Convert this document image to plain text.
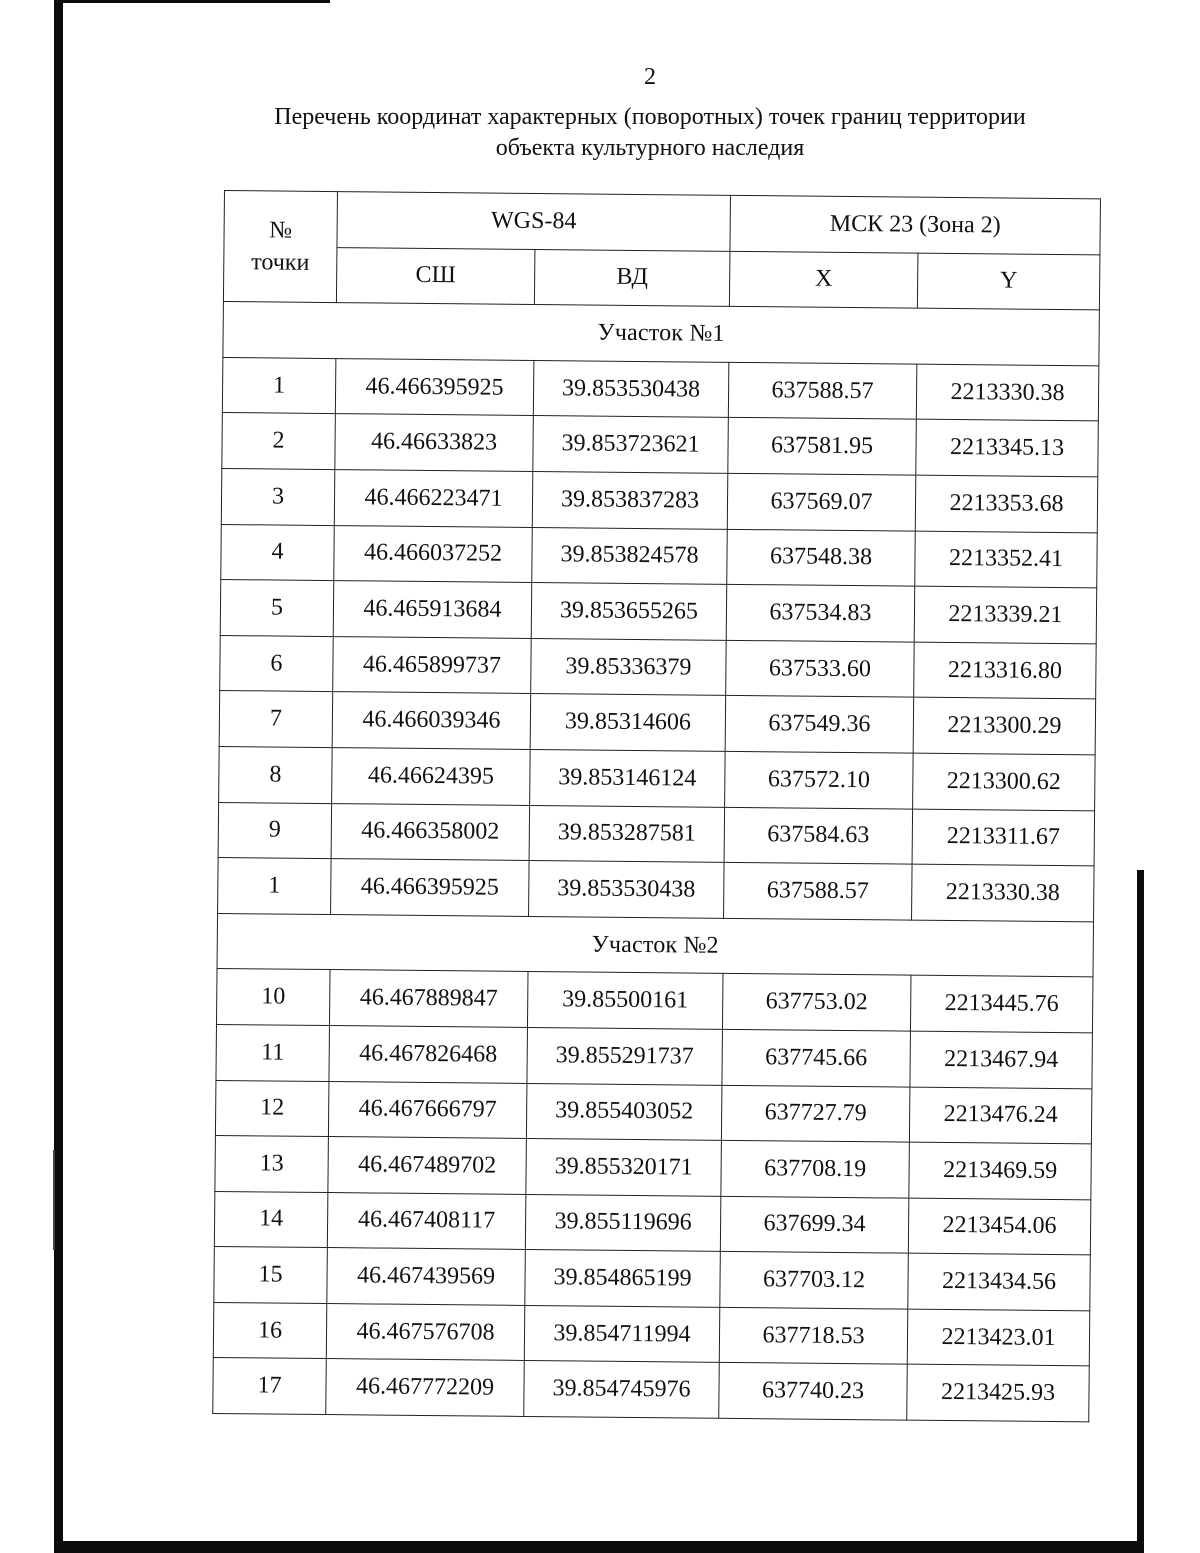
2
Перечень координат характерных (поворотных) точек границ территории
объекта культурного наследия
№
точки	WGS-84		МСК 23 (Зона 2)	
	СШ	ВД	X	Y
Участок №1				
1	46.466395925	39.853530438	637588.57	2213330.38
2	46.46633823	39.853723621	637581.95	2213345.13
3	46.466223471	39.853837283	637569.07	2213353.68
4	46.466037252	39.853824578	637548.38	2213352.41
5	46.465913684	39.853655265	637534.83	2213339.21
6	46.465899737	39.85336379	637533.60	2213316.80
7	46.466039346	39.85314606	637549.36	2213300.29
8	46.46624395	39.853146124	637572.10	2213300.62
9	46.466358002	39.853287581	637584.63	2213311.67
1	46.466395925	39.853530438	637588.57	2213330.38
Участок №2				
10	46.467889847	39.85500161	637753.02	2213445.76
11	46.467826468	39.855291737	637745.66	2213467.94
12	46.467666797	39.855403052	637727.79	2213476.24
13	46.467489702	39.855320171	637708.19	2213469.59
14	46.467408117	39.855119696	637699.34	2213454.06
15	46.467439569	39.854865199	637703.12	2213434.56
16	46.467576708	39.854711994	637718.53	2213423.01
17	46.467772209	39.854745976	637740.23	2213425.93
